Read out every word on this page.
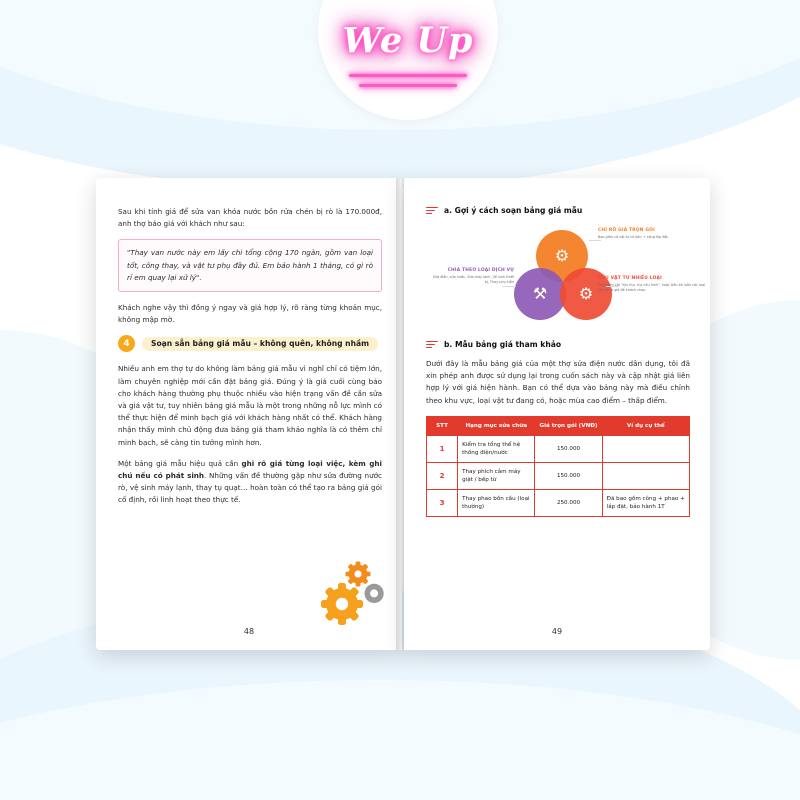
We Up

Sau khi tính giá để sửa van khóa nước bồn rửa chén bị rò là 170.000đ, anh thợ báo giá với khách như sau:

"Thay van nước này em lấy chi tổng cộng 170 ngàn, gồm van loại tốt, công thay, và vật tư phụ đầy đủ. Em bảo hành 1 tháng, có gì rò rỉ em quay lại xử lý".

Khách nghe vậy thì đồng ý ngay và giá hợp lý, rõ ràng từng khoản mục, không mập mờ.

4	Soạn sẵn bảng giá mẫu – không quên, không nhầm

Nhiều anh em thợ tự do không làm bảng giá mẫu vì nghĩ chỉ có tiệm lớn, làm chuyên nghiệp mới cần đặt bảng giá. Đúng ý là giá cuối cùng báo cho khách hàng thường phụ thuộc nhiều vào hiện trạng vấn đề cần sửa và giá vật tư, tuy nhiên bảng giá mẫu là một trong những nỗ lực mình có thể thực hiện để minh bạch giá với khách hàng nhất có thể. Khách hàng nhận thấy mình chủ động đưa bảng giá tham khảo nghĩa là có thêm chỉ minh bạch, sẽ càng tin tưởng mình hơn.

Một bảng giá mẫu hiệu quả cần ghi rõ giá từng loại việc, kèm ghi chú nếu có phát sinh. Những vấn đề thường gặp như sửa đường nước rò, vệ sinh máy lạnh, thay tụ quạt… hoàn toàn có thể tạo ra bảng giá gói cố định, rồi linh hoạt theo thực tế.

48
a. Gợi ý cách soạn bảng giá mẫu
⚙
⚒ ⚙
CHỈ RÕ GIÁ TRỌN GÓI
Bao gồm cả vật tư có bản + công lắp đặt.
CHIA THEO LOẠI DỊCH VỤ
Sửa điện, sửa nước, Sửa máy lạnh, Vệ sinh thiết bị, Thay phụ kiện
NẾU VẬT TƯ NHIỀU LOẠI
Ghi thêm cột "tùy thu, tùy cấu hình", hoặc tiêu kẽ luôn các loại vật tư và giá để khách chọn.
b. Mẫu bảng giá tham khảo

Dưới đây là mẫu bảng giá của một thợ sửa điện nước dân dụng, tôi đã xin phép anh được sử dụng lại trong cuốn sách này và cập nhật giá liên hợp lý với giá hiện hành. Bạn có thể dựa vào bảng này mà điều chỉnh theo khu vực, loại vật tư đang có, hoặc mùa cao điểm – thấp điểm.

STT	Hạng mục sửa chữa	Giá trọn gói (VNĐ)	Ví dụ cụ thể
1	Kiểm tra tổng thể hệ thống điện/nước	150.000	
2	Thay phích cắm máy giặt / bếp từ	150.000	
3	Thay phao bồn cầu (loại thường)	250.000	Đã bao gồm công + phao + lắp đặt, bảo hành 1T
49
